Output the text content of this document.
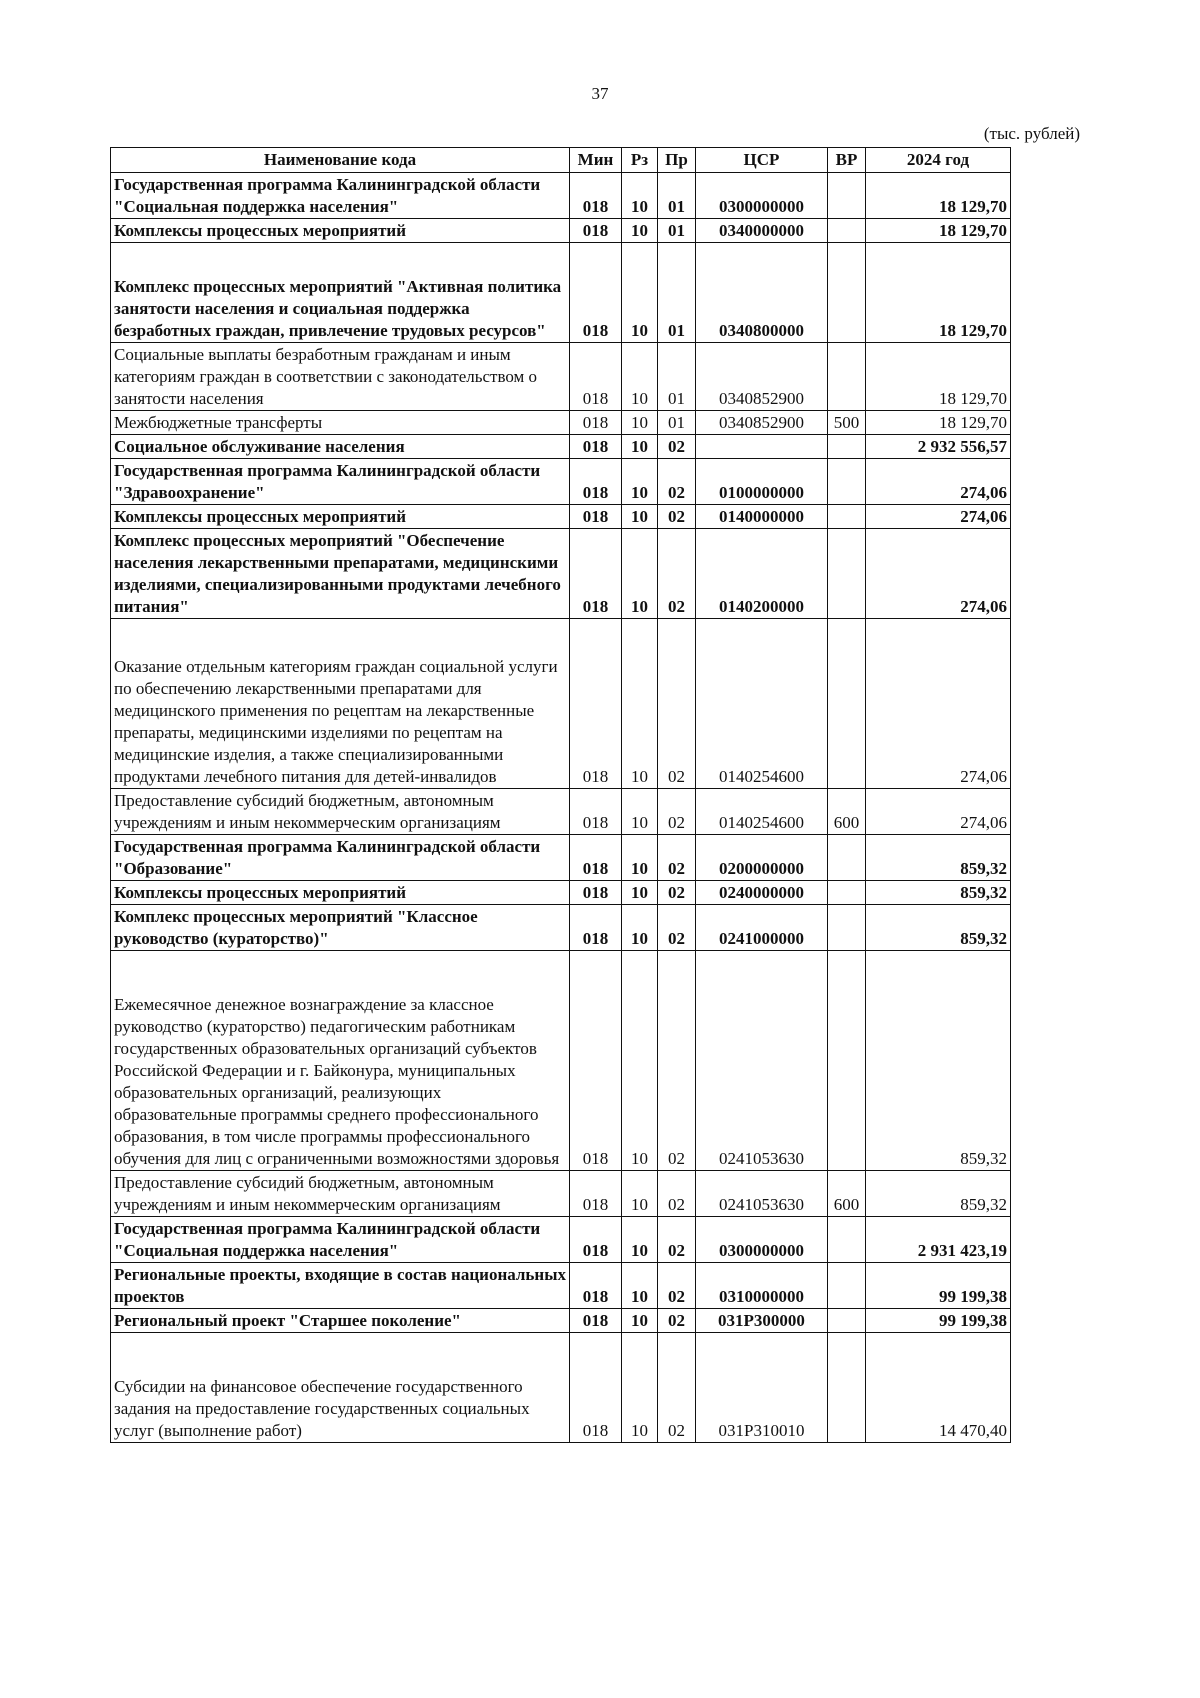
37
(тыс. рублей)
Наименование кода	Мин	Рз	Пр	ЦСР	ВР	2024 год
Государственная программа Калининградской области "Социальная поддержка населения"	018	10	01	0300000000		18 129,70
Комплексы процессных мероприятий	018	10	01	0340000000		18 129,70
Комплекс процессных мероприятий "Активная политика занятости населения и социальная поддержка безработных граждан, привлечение трудовых ресурсов"	018	10	01	0340800000		18 129,70
Социальные выплаты безработным гражданам и иным категориям граждан в соответствии с законодательством о занятости населения	018	10	01	0340852900		18 129,70
Межбюджетные трансферты	018	10	01	0340852900	500	18 129,70
Социальное обслуживание населения	018	10	02			2 932 556,57
Государственная программа Калининградской области "Здравоохранение"	018	10	02	0100000000		274,06
Комплексы процессных мероприятий	018	10	02	0140000000		274,06
Комплекс процессных мероприятий "Обеспечение населения лекарственными препаратами, медицинскими изделиями, специализированными продуктами лечебного питания"	018	10	02	0140200000		274,06
Оказание отдельным категориям граждан социальной услуги по обеспечению лекарственными препаратами для медицинского применения по рецептам на лекарственные препараты, медицинскими изделиями по рецептам на медицинские изделия, а также специализированными продуктами лечебного питания для детей-инвалидов	018	10	02	0140254600		274,06
Предоставление субсидий бюджетным, автономным учреждениям и иным некоммерческим организациям	018	10	02	0140254600	600	274,06
Государственная программа Калининградской области "Образование"	018	10	02	0200000000		859,32
Комплексы процессных мероприятий	018	10	02	0240000000		859,32
Комплекс процессных мероприятий "Классное руководство (кураторство)"	018	10	02	0241000000		859,32
Ежемесячное денежное вознаграждение за классное руководство (кураторство) педагогическим работникам государственных образовательных организаций субъектов Российской Федерации и г. Байконура, муниципальных образовательных организаций, реализующих образовательные программы среднего профессионального образования, в том числе программы профессионального обучения для лиц с ограниченными возможностями здоровья	018	10	02	0241053630		859,32
Предоставление субсидий бюджетным, автономным учреждениям и иным некоммерческим организациям	018	10	02	0241053630	600	859,32
Государственная программа Калининградской области "Социальная поддержка населения"	018	10	02	0300000000		2 931 423,19
Региональные проекты, входящие в состав национальных проектов	018	10	02	0310000000		99 199,38
Региональный проект "Старшее поколение"	018	10	02	031P300000		99 199,38
Субсидии на финансовое обеспечение государственного задания на предоставление государственных социальных услуг (выполнение работ)	018	10	02	031P310010		14 470,40
